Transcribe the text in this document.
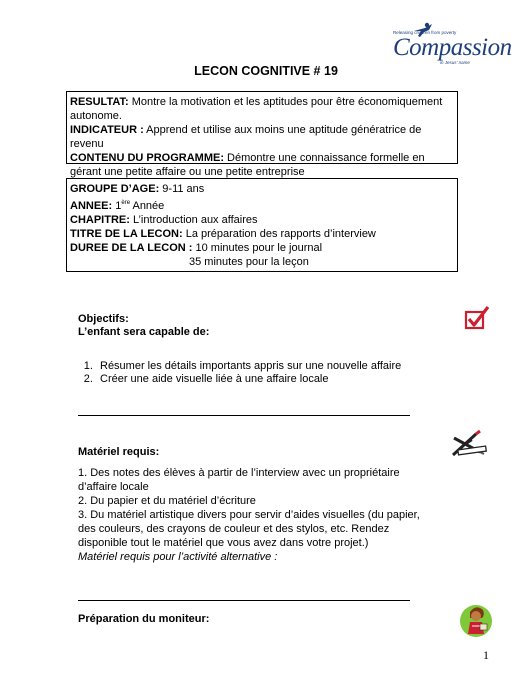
Releasing children from poverty
Compassion
in Jesus' name
LECON COGNITIVE # 19
RESULTAT: Montre la motivation et les aptitudes pour être économiquement autonome.
INDICATEUR : Apprend et utilise aux moins une aptitude génératrice de revenu
CONTENU DU PROGRAMME: Démontre une connaissance formelle en gérant une petite affaire ou une petite entreprise
GROUPE D’AGE: 9-11 ans
ANNEE: 1ère Année
CHAPITRE: L’introduction aux affaires
TITRE DE LA LECON: La préparation des rapports d’interview
DUREE DE LA LECON : 10 minutes pour le journal
35 minutes pour la leçon
Objectifs:
L’enfant sera capable de:
1. Résumer les détails importants appris sur une nouvelle affaire
2. Créer une aide visuelle liée à une affaire locale
Matériel requis:
1. Des notes des élèves à partir de l’interview avec un propriétaire d’affaire locale
2. Du papier et du matériel d’écriture
3. Du matériel artistique divers pour servir d’aides visuelles (du papier, des couleurs, des crayons de couleur et des stylos, etc. Rendez disponible tout le matériel que vous avez dans votre projet.)
Matériel requis pour l’activité alternative :
Préparation du moniteur:
1
